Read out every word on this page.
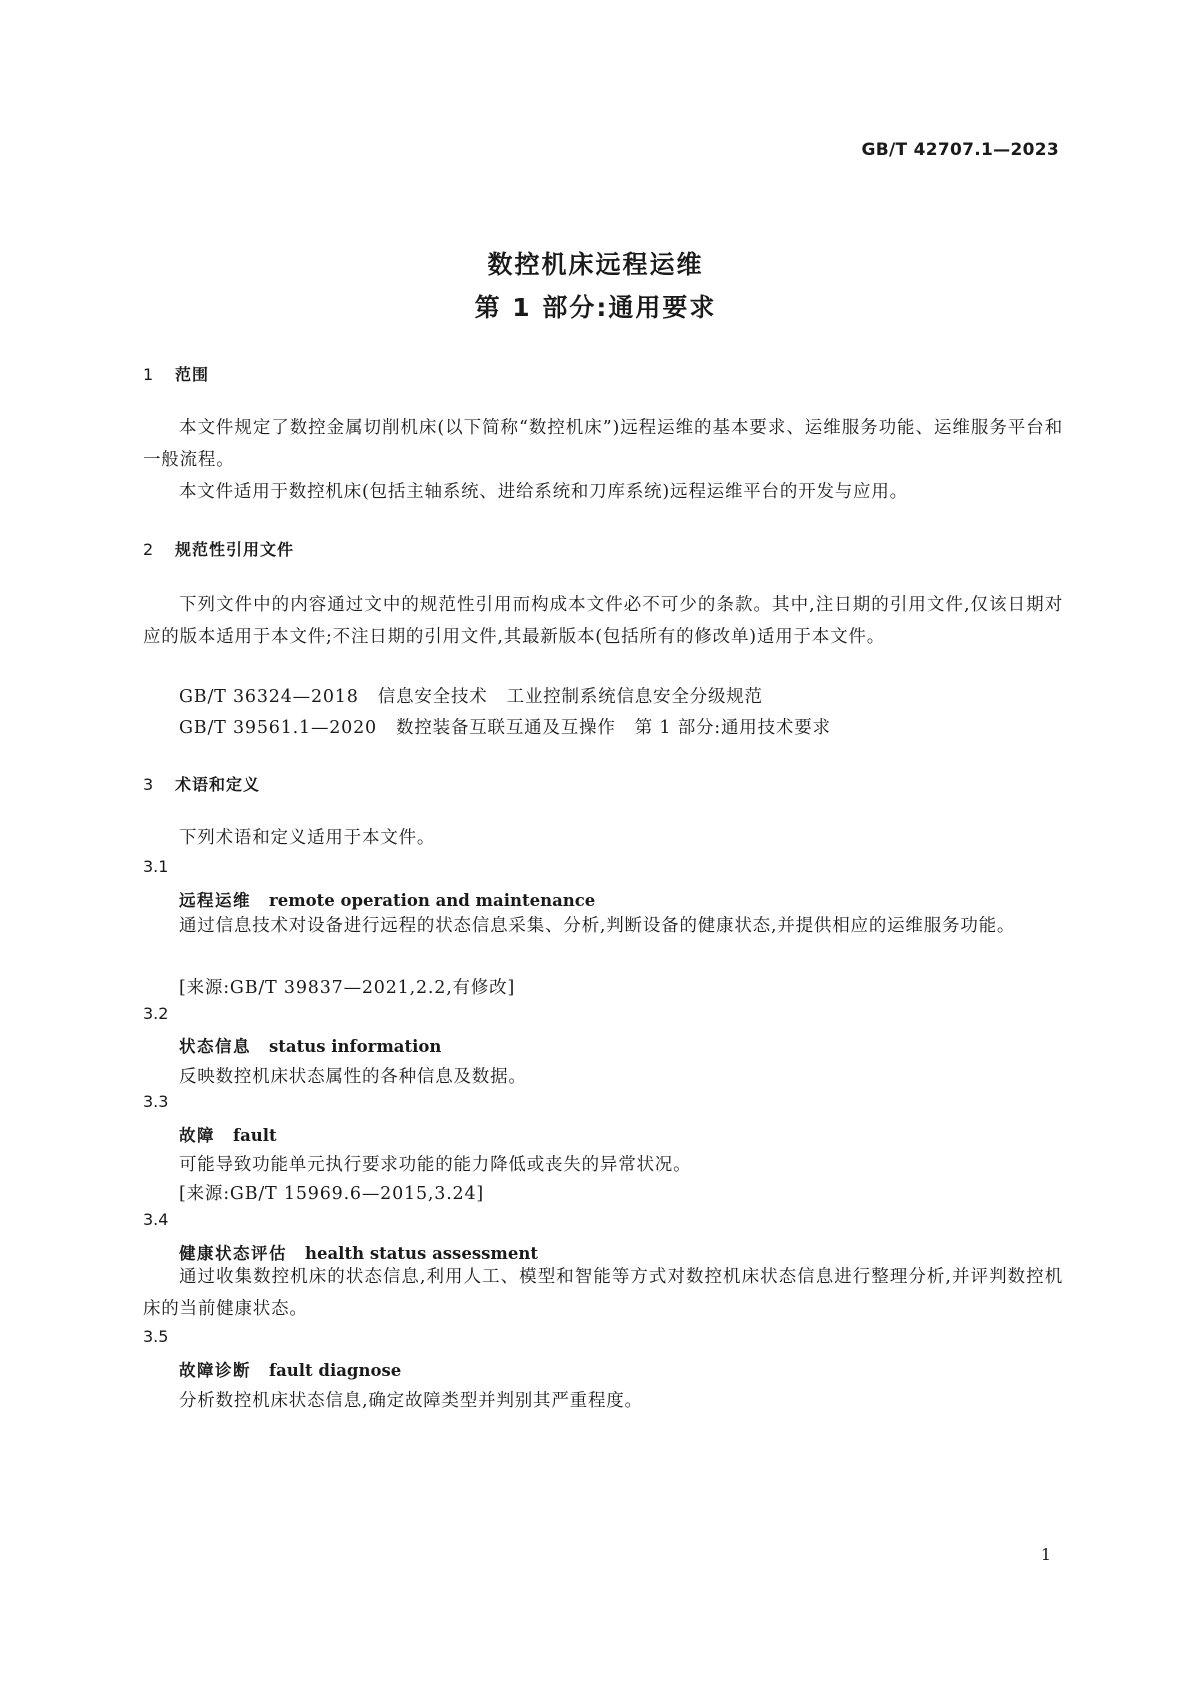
GB/T 42707.1—2023
数控机床远程运维
第 1 部分:通用要求
1 范围
本文件规定了数控金属切削机床(以下简称“数控机床”)远程运维的基本要求、运维服务功能、运维服务平台和一般流程。
本文件适用于数控机床(包括主轴系统、进给系统和刀库系统)远程运维平台的开发与应用。
2 规范性引用文件
下列文件中的内容通过文中的规范性引用而构成本文件必不可少的条款。其中,注日期的引用文件,仅该日期对应的版本适用于本文件;不注日期的引用文件,其最新版本(包括所有的修改单)适用于本文件。
GB/T 36324—2018   信息安全技术   工业控制系统信息安全分级规范
GB/T 39561.1—2020   数控装备互联互通及互操作   第 1 部分:通用技术要求
3 术语和定义
下列术语和定义适用于本文件。
3.1
远程运维 remote operation and maintenance
通过信息技术对设备进行远程的状态信息采集、分析,判断设备的健康状态,并提供相应的运维服务功能。
[来源:GB/T 39837—2021,2.2,有修改]
3.2
状态信息 status information
反映数控机床状态属性的各种信息及数据。
3.3
故障 fault
可能导致功能单元执行要求功能的能力降低或丧失的异常状况。
[来源:GB/T 15969.6—2015,3.24]
3.4
健康状态评估 health status assessment
通过收集数控机床的状态信息,利用人工、模型和智能等方式对数控机床状态信息进行整理分析,并评判数控机床的当前健康状态。
3.5
故障诊断 fault diagnose
分析数控机床状态信息,确定故障类型并判别其严重程度。
1
